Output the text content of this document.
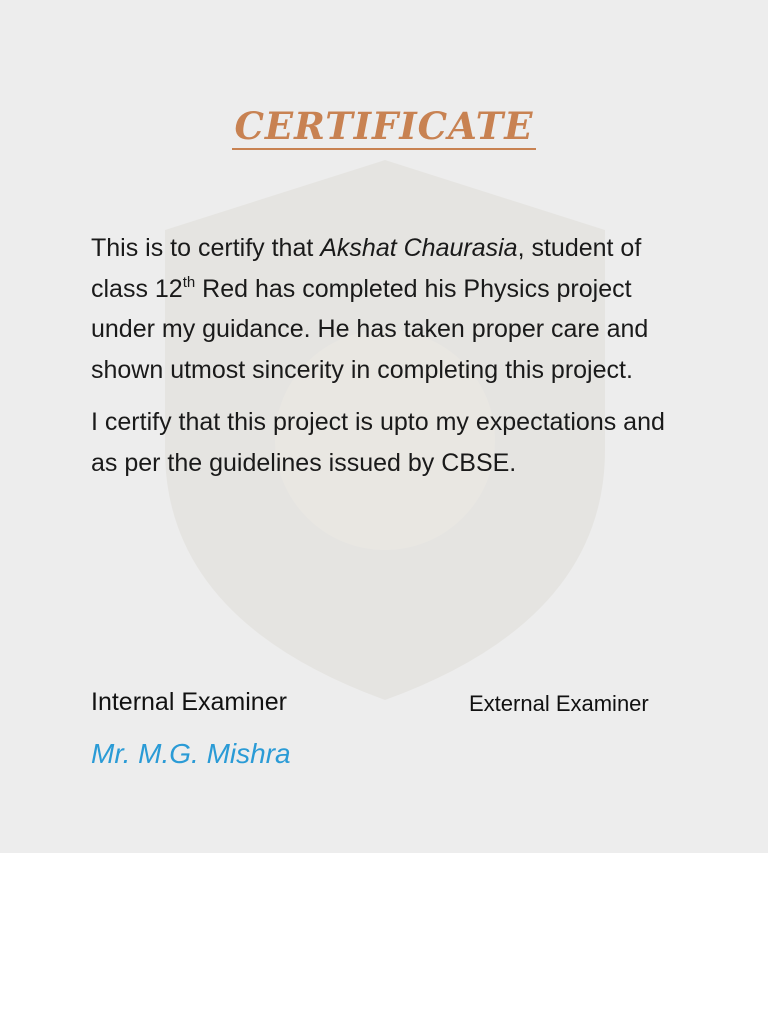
CERTIFICATE

This is to certify that Akshat Chaurasia, student of class 12th Red has completed his Physics project under my guidance. He has taken proper care and shown utmost sincerity in completing this project.

I certify that this project is upto my expectations and as per the guidelines issued by CBSE.

Internal Examiner	External Examiner
Mr. M.G. Mishra
